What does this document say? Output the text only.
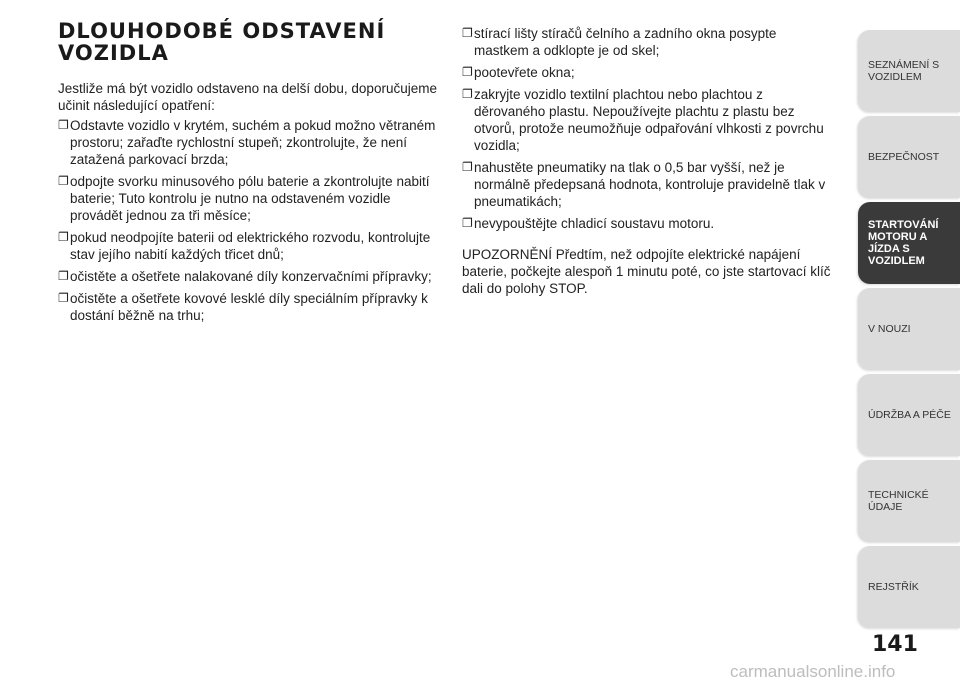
DLOUHODOBÉ ODSTAVENÍ VOZIDLA

Jestliže má být vozidlo odstaveno na delší dobu, doporučujeme učinit následující opatření:

❐ Odstavte vozidlo v krytém, suchém a pokud možno větraném prostoru; zařaďte rychlostní stupeň; zkontrolujte, že není zatažená parkovací brzda;
❐ odpojte svorku minusového pólu baterie a zkontrolujte nabití baterie; Tuto kontrolu je nutno na odstaveném vozidle provádět jednou za tři měsíce;
❐ pokud neodpojíte baterii od elektrického rozvodu, kontrolujte stav jejího nabití každých třicet dnů;
❐ očistěte a ošetřete nalakované díly konzervačními přípravky;
❐ očistěte a ošetřete kovové lesklé díly speciálním přípravky k dostání běžně na trhu;
❐ stírací lišty stíračů čelního a zadního okna posypte mastkem a odklopte je od skel;
❐ pootevřete okna;
❐ zakryjte vozidlo textilní plachtou nebo plachtou z děrovaného plastu. Nepoužívejte plachtu z plastu bez otvorů, protože neumožňuje odpařování vlhkosti z povrchu vozidla;
❐ nahustěte pneumatiky na tlak o 0,5 bar vyšší, než je normálně předepsaná hodnota, kontroluje pravidelně tlak v pneumatikách;
❐ nevypouštějte chladicí soustavu motoru.

UPOZORNĚNÍ Předtím, než odpojíte elektrické napájení baterie, počkejte alespoň 1 minutu poté, co jste startovací klíč dali do polohy STOP.

SEZNÁMENÍ S VOZIDLEM
BEZPEČNOST
STARTOVÁNÍ MOTORU A JÍZDA S VOZIDLEM
V NOUZI
ÚDRŽBA A PÉČE
TECHNICKÉ ÚDAJE
REJSTŘÍK
141
carmanualsonline.info
